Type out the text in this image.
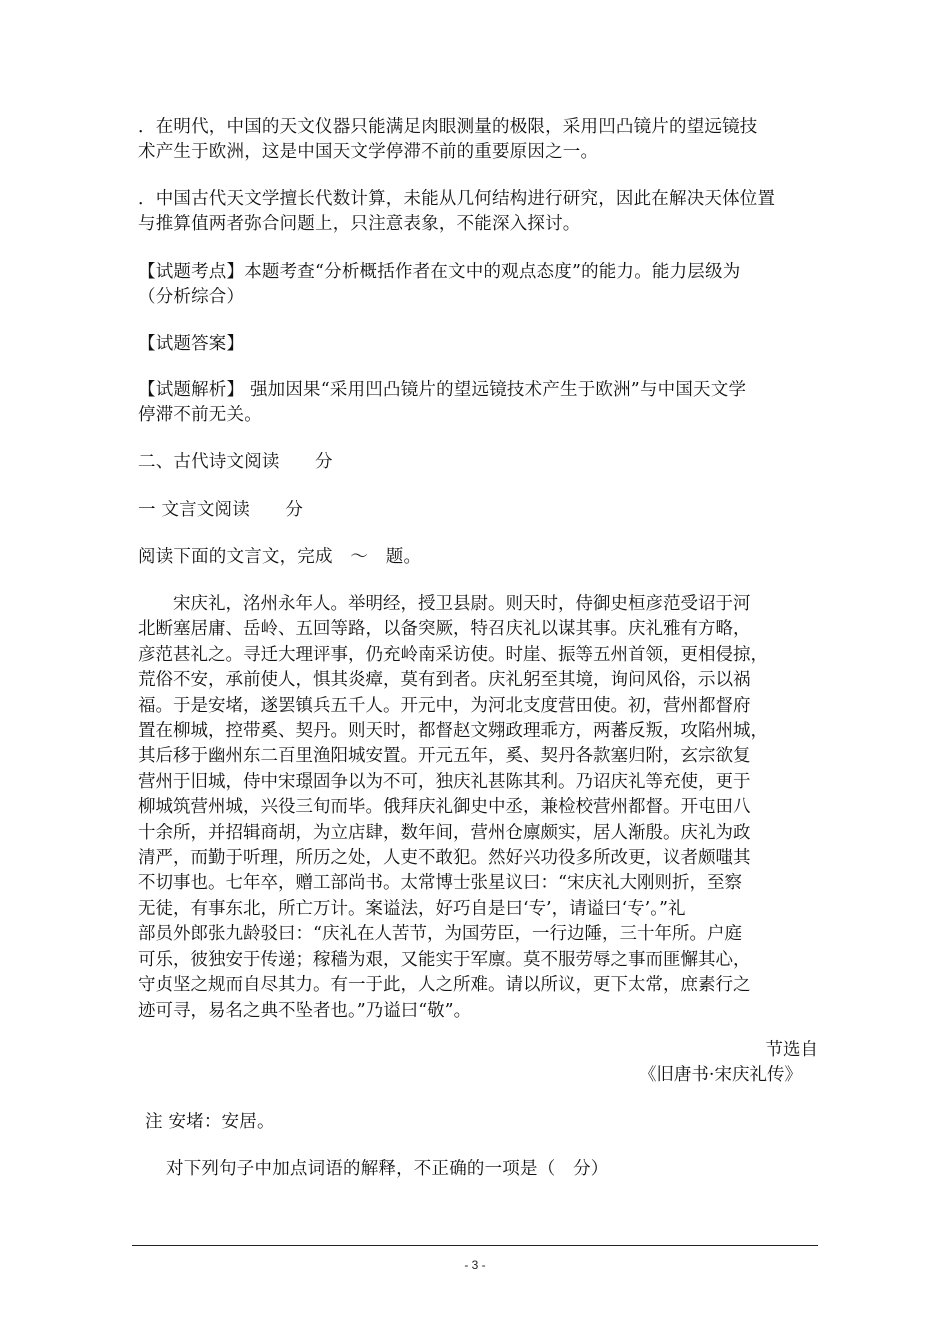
．在明代，中国的天文仪器只能满足肉眼测量的极限，采用凹凸镜片的望远镜技
术产生于欧洲，这是中国天文学停滞不前的重要原因之一。
．中国古代天文学擅长代数计算，未能从几何结构进行研究，因此在解决天体位置
与推算值两者弥合问题上，只注意表象，不能深入探讨。
【试题考点】本题考查“分析概括作者在文中的观点态度”的能力。能力层级为
（分析综合）
【试题答案】
【试题解析】 强加因果“采用凹凸镜片的望远镜技术产生于欧洲”与中国天文学
停滞不前无关。
二、古代诗文阅读　　分
一 文言文阅读　　分
阅读下面的文言文，完成　～　题。
宋庆礼，洺州永年人。举明经，授卫县尉。则天时，侍御史桓彦范受诏于河
北断塞居庸、岳岭、五回等路，以备突厥，特召庆礼以谋其事。庆礼雅有方略，
彦范甚礼之。寻迁大理评事，仍充岭南采访使。时崖、振等五州首领，更相侵掠，
荒俗不安，承前使人，惧其炎瘴，莫有到者。庆礼躬至其境，询问风俗，示以祸
福。于是安堵，遂罢镇兵五千人。开元中，为河北支度营田使。初，营州都督府
置在柳城，控带奚、契丹。则天时，都督赵文翙政理乖方，两蕃反叛，攻陷州城，
其后移于幽州东二百里渔阳城安置。开元五年，奚、契丹各款塞归附，玄宗欲复
营州于旧城，侍中宋璟固争以为不可，独庆礼甚陈其利。乃诏庆礼等充使，更于
柳城筑营州城，兴役三旬而毕。俄拜庆礼御史中丞，兼检校营州都督。开屯田八
十余所，并招辑商胡，为立店肆，数年间，营州仓廪颇实，居人渐殷。庆礼为政
清严，而勤于听理，所历之处，人吏不敢犯。然好兴功役多所改更，议者颇嗤其
不切事也。七年卒，赠工部尚书。太常博士张星议曰：“宋庆礼大刚则折，至察
无徒，有事东北，所亡万计。案谥法，好巧自是曰‘专’，请谥曰‘专’。”礼
部员外郎张九龄驳曰：“庆礼在人苦节，为国劳臣，一行边陲，三十年所。户庭
可乐，彼独安于传递；稼穑为艰，又能实于军廪。莫不服劳辱之事而匪懈其心，
守贞坚之规而自尽其力。有一于此，人之所难。请以所议，更下太常，庶素行之
迹可寻，易名之典不坠者也。”乃谥曰“敬”。
节选自
《旧唐书·宋庆礼传》
注 安堵：安居。
对下列句子中加点词语的解释，不正确的一项是（　分）
- 3 -
